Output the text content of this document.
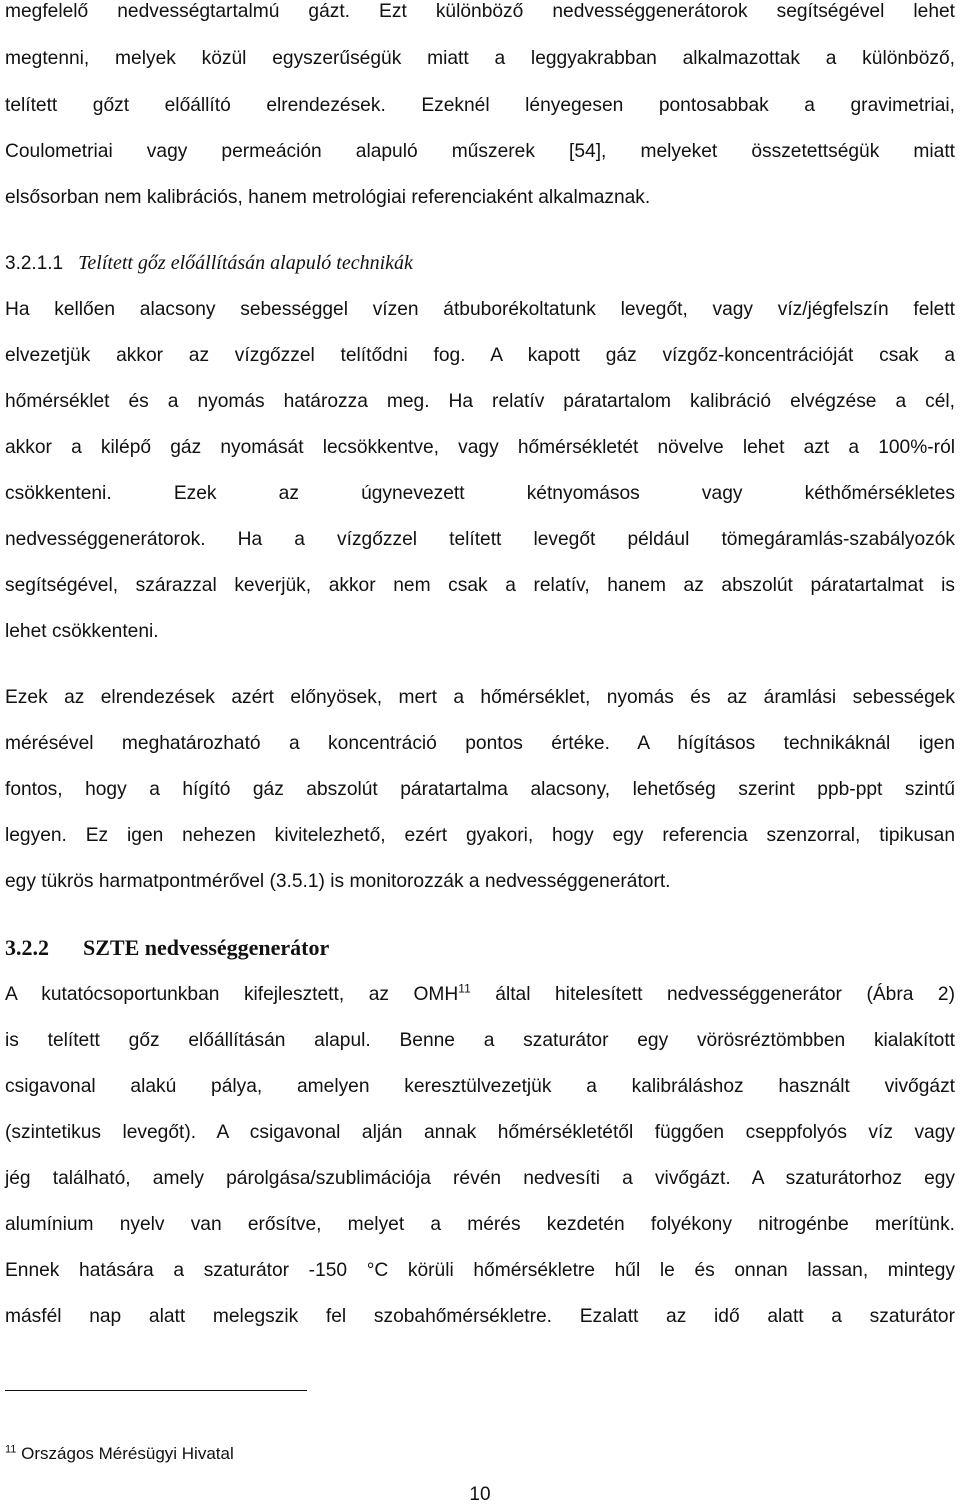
megfelelő nedvességtartalmú gázt. Ezt különböző nedvességgenerátorok segítségével lehet
megtenni, melyek közül egyszerűségük miatt a leggyakrabban alkalmazottak a különböző,
telített gőzt előállító elrendezések. Ezeknél lényegesen pontosabbak a gravimetriai,
Coulometriai vagy permeáción alapuló műszerek [54], melyeket összetettségük miatt
elsősorban nem kalibrációs, hanem metrológiai referenciaként alkalmaznak.
3.2.1.1 Telített gőz előállításán alapuló technikák
Ha kellően alacsony sebességgel vízen átbuborékoltatunk levegőt, vagy víz/jégfelszín felett
elvezetjük akkor az vízgőzzel telítődni fog. A kapott gáz vízgőz-koncentrációját csak a
hőmérséklet és a nyomás határozza meg. Ha relatív páratartalom kalibráció elvégzése a cél,
akkor a kilépő gáz nyomását lecsökkentve, vagy hőmérsékletét növelve lehet azt a 100%-ról
csökkenteni. Ezek az úgynevezett kétnyomásos vagy kéthőmérsékletes
nedvességgenerátorok. Ha a vízgőzzel telített levegőt például tömegáramlás-szabályozók
segítségével, szárazzal keverjük, akkor nem csak a relatív, hanem az abszolút páratartalmat is
lehet csökkenteni.
Ezek az elrendezések azért előnyösek, mert a hőmérséklet, nyomás és az áramlási sebességek
mérésével meghatározható a koncentráció pontos értéke. A hígításos technikáknál igen
fontos, hogy a hígító gáz abszolút páratartalma alacsony, lehetőség szerint ppb-ppt szintű
legyen. Ez igen nehezen kivitelezhető, ezért gyakori, hogy egy referencia szenzorral, tipikusan
egy tükrös harmatpontmérővel (3.5.1) is monitorozzák a nedvességgenerátort.
3.2.2 SZTE nedvességgenerátor
A kutatócsoportunkban kifejlesztett, az OMH$^{11}$ által hitelesített nedvességgenerátor (Ábra 2)
is telített gőz előállításán alapul. Benne a szaturátor egy vörösréztömbben kialakított
csigavonal alakú pálya, amelyen keresztülvezetjük a kalibráláshoz használt vivőgázt
(szintetikus levegőt). A csigavonal alján annak hőmérsékletétől függően cseppfolyós víz vagy
jég található, amely párolgása/szublimációja révén nedvesíti a vivőgázt. A szaturátorhoz egy
alumínium nyelv van erősítve, melyet a mérés kezdetén folyékony nitrogénbe merítünk.
Ennek hatására a szaturátor -150 °C körüli hőmérsékletre hűl le és onnan lassan, mintegy
másfél nap alatt melegszik fel szobahőmérsékletre. Ezalatt az idő alatt a szaturátor
$^{11}$ Országos Mérésügyi Hivatal
10
